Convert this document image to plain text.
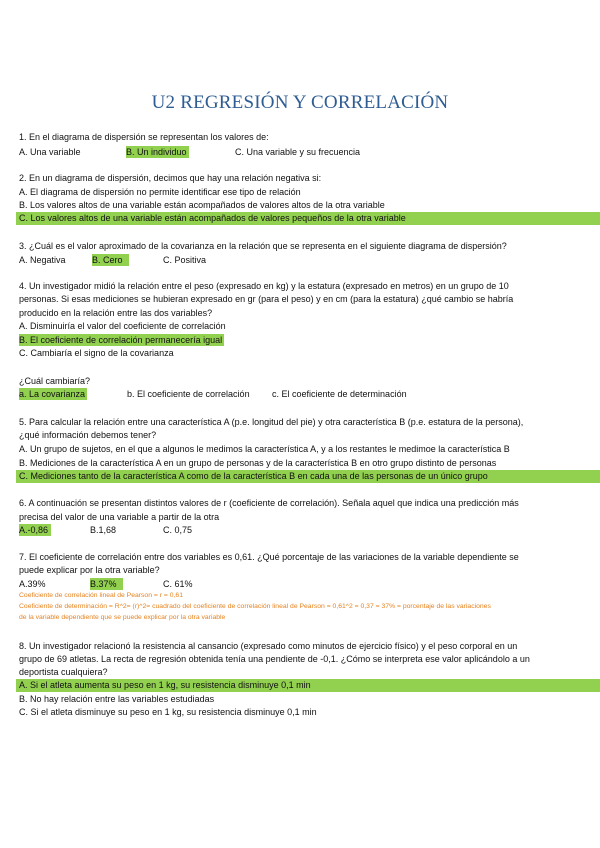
U2 REGRESIÓN Y CORRELACIÓN
1. En el diagrama de dispersión se representan los valores de:
A. Una variable	B. Un individuo	C. Una variable y su frecuencia
2. En un diagrama de dispersión, decimos que hay una relación negativa si:
A. El diagrama de dispersión no permite identificar ese tipo de relación
B. Los valores altos de una variable están acompañados de valores altos de la otra variable
C. Los valores altos de una variable están acompañados de valores pequeños de la otra variable
3. ¿Cuál es el valor aproximado de la covarianza en la relación que se representa en el siguiente diagrama de dispersión?
A. Negativa	B. Cero	C. Positiva
4. Un investigador midió la relación entre el peso (expresado en kg) y la estatura (expresado en metros) en un grupo de 10
personas. Si esas mediciones se hubieran expresado en gr (para el peso) y en cm (para la estatura) ¿qué cambio se habría
producido en la relación entre las dos variables?
A. Disminuiría el valor del coeficiente de correlación
B. El coeficiente de correlación permanecería igual
C. Cambiaría el signo de la covarianza
¿Cuál cambiaría?
a. La covarianza	b. El coeficiente de correlación c. El coeficiente de determinación
5. Para calcular la relación entre una característica A (p.e. longitud del pie) y otra característica B (p.e. estatura de la persona),
¿qué información debemos tener?
A. Un grupo de sujetos, en el que a algunos le medimos la característica A, y a los restantes le medimoe la característica B
B. Mediciones de la característica A en un grupo de personas y de la característica B en otro grupo distinto de personas
C. Mediciones tanto de la característica A como de la característica B en cada una de las personas de un único grupo
6. A continuación se presentan distintos valores de r (coeficiente de correlación). Señala aquel que indica una predicción más
precisa del valor de una variable a partir de la otra
A.-0,86	B.1,68	C. 0,75
7. El coeficiente de correlación entre dos variables es 0,61. ¿Qué porcentaje de las variaciones de la variable dependiente se
puede explicar por la otra variable?
A.39%	B.37%	C. 61%
Coeficiente de correlación lineal de Pearson = r = 0,61
Coeficiente de determinación = R^2= (r)^2= cuadrado del coeficiente de correlación lineal de Pearson = 0,61^2 = 0,37 = 37% = porcentaje de las variaciones
de la variable dependiente que se puede explicar por la otra variable
8. Un investigador relacionó la resistencia al cansancio (expresado como minutos de ejercicio físico) y el peso corporal en un
grupo de 69 atletas. La recta de regresión obtenida tenía una pendiente de -0,1. ¿Cómo se interpreta ese valor aplicándolo a un
deportista cualquiera?
A. Si el atleta aumenta su peso en 1 kg, su resistencia disminuye 0,1 min
B. No hay relación entre las variables estudiadas
C. Si el atleta disminuye su peso en 1 kg, su resistencia disminuye 0,1 min
